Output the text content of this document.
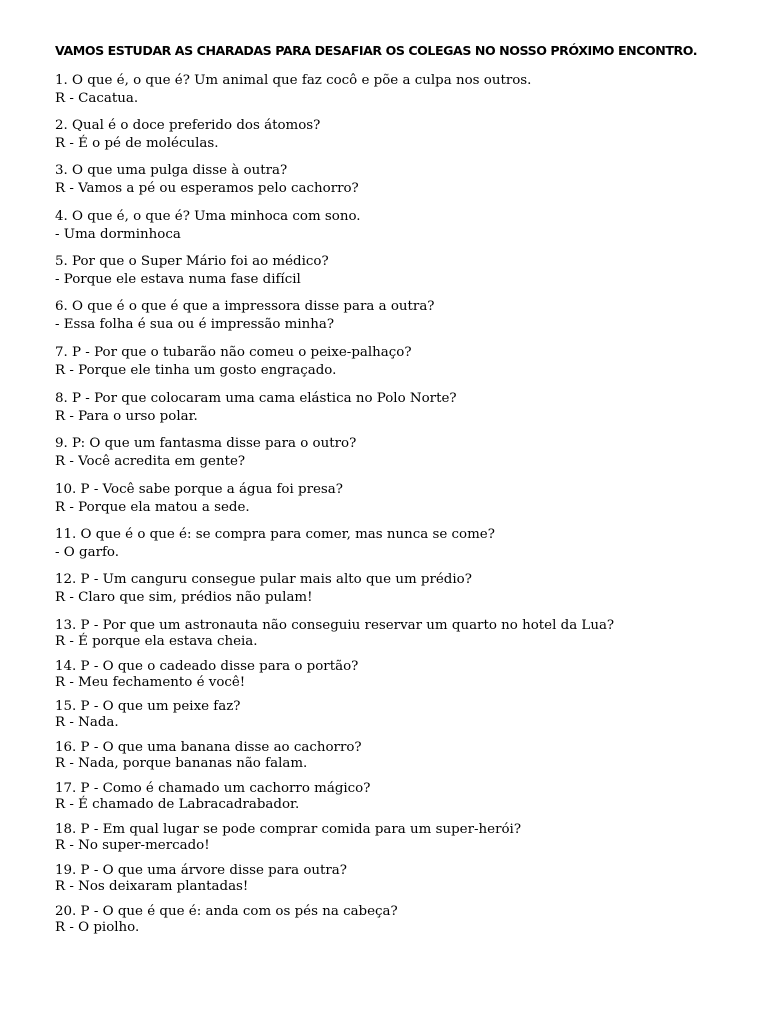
VAMOS ESTUDAR AS CHARADAS PARA DESAFIAR OS COLEGAS NO NOSSO PRÓXIMO ENCONTRO.
1. O que é, o que é? Um animal que faz cocô e põe a culpa nos outros.
R - Cacatua.
2. Qual é o doce preferido dos átomos?
R - É o pé de moléculas.
3. O que uma pulga disse à outra?
R - Vamos a pé ou esperamos pelo cachorro?
4. O que é, o que é? Uma minhoca com sono.
- Uma dorminhoca
5. Por que o Super Mário foi ao médico?
- Porque ele estava numa fase difícil
6. O que é o que é que a impressora disse para a outra?
- Essa folha é sua ou é impressão minha?
7. P - Por que o tubarão não comeu o peixe-palhaço?
R - Porque ele tinha um gosto engraçado.
8. P - Por que colocaram uma cama elástica no Polo Norte?
R - Para o urso polar.
9. P: O que um fantasma disse para o outro?
R - Você acredita em gente?
10. P - Você sabe porque a água foi presa?
R - Porque ela matou a sede.
11. O que é o que é: se compra para comer, mas nunca se come?
- O garfo.
12. P - Um canguru consegue pular mais alto que um prédio?
R - Claro que sim, prédios não pulam!
13. P - Por que um astronauta não conseguiu reservar um quarto no hotel da Lua?
R - É porque ela estava cheia.
14. P - O que o cadeado disse para o portão?
R - Meu fechamento é você!
15. P - O que um peixe faz?
R - Nada.
16. P - O que uma banana disse ao cachorro?
R - Nada, porque bananas não falam.
17. P - Como é chamado um cachorro mágico?
R - É chamado de Labracadrabador.
18. P - Em qual lugar se pode comprar comida para um super-herói?
R - No super-mercado!
19. P - O que uma árvore disse para outra?
R - Nos deixaram plantadas!
20. P - O que é que é: anda com os pés na cabeça?
R - O piolho.
